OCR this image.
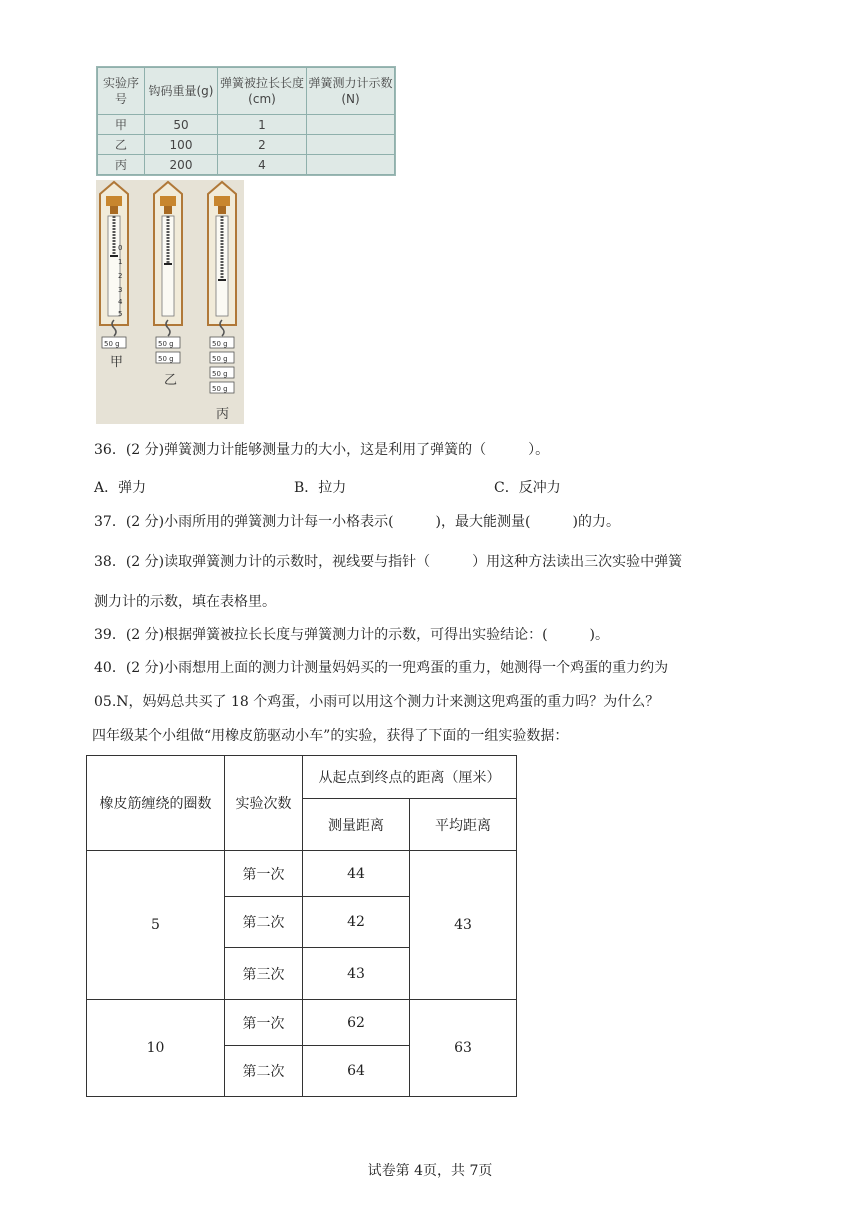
实验序号	钩码重量(g)	弹簧被拉长长度(cm)	弹簧测力计示数(N)
甲	50	1	
乙	100	2	
丙	200	4	
0
1
2
3
4
5
50 g	50 g
50 g
50 g
50 g
50 g
50 g
甲
乙
丙
36．(2 分)弹簧测力计能够测量力的大小，这是利用了弹簧的（　　　）。
A．弹力	B．拉力	C．反冲力
37．(2 分)小雨所用的弹簧测力计每一小格表示(　　　)，最大能测量(　　　)的力。
38．(2 分)读取弹簧测力计的示数时，视线要与指针（　　　）用这种方法读出三次实验中弹簧
测力计的示数，填在表格里。
39．(2 分)根据弹簧被拉长长度与弹簧测力计的示数，可得出实验结论：(　　　)。
40．(2 分)小雨想用上面的测力计测量妈妈买的一兜鸡蛋的重力，她测得一个鸡蛋的重力约为
05.N，妈妈总共买了 18 个鸡蛋，小雨可以用这个测力计来测这兜鸡蛋的重力吗？为什么？
四年级某个小组做“用橡皮筋驱动小车”的实验，获得了下面的一组实验数据：
橡皮筋缠绕的圈数	实验次数	从起点到终点的距离（厘米）	
		测量距离	平均距离
5	第一次	44	43
	第二次	42	
	第三次	43	
10	第一次	62	63
	第二次	64	
试卷第 4页，共 7页
